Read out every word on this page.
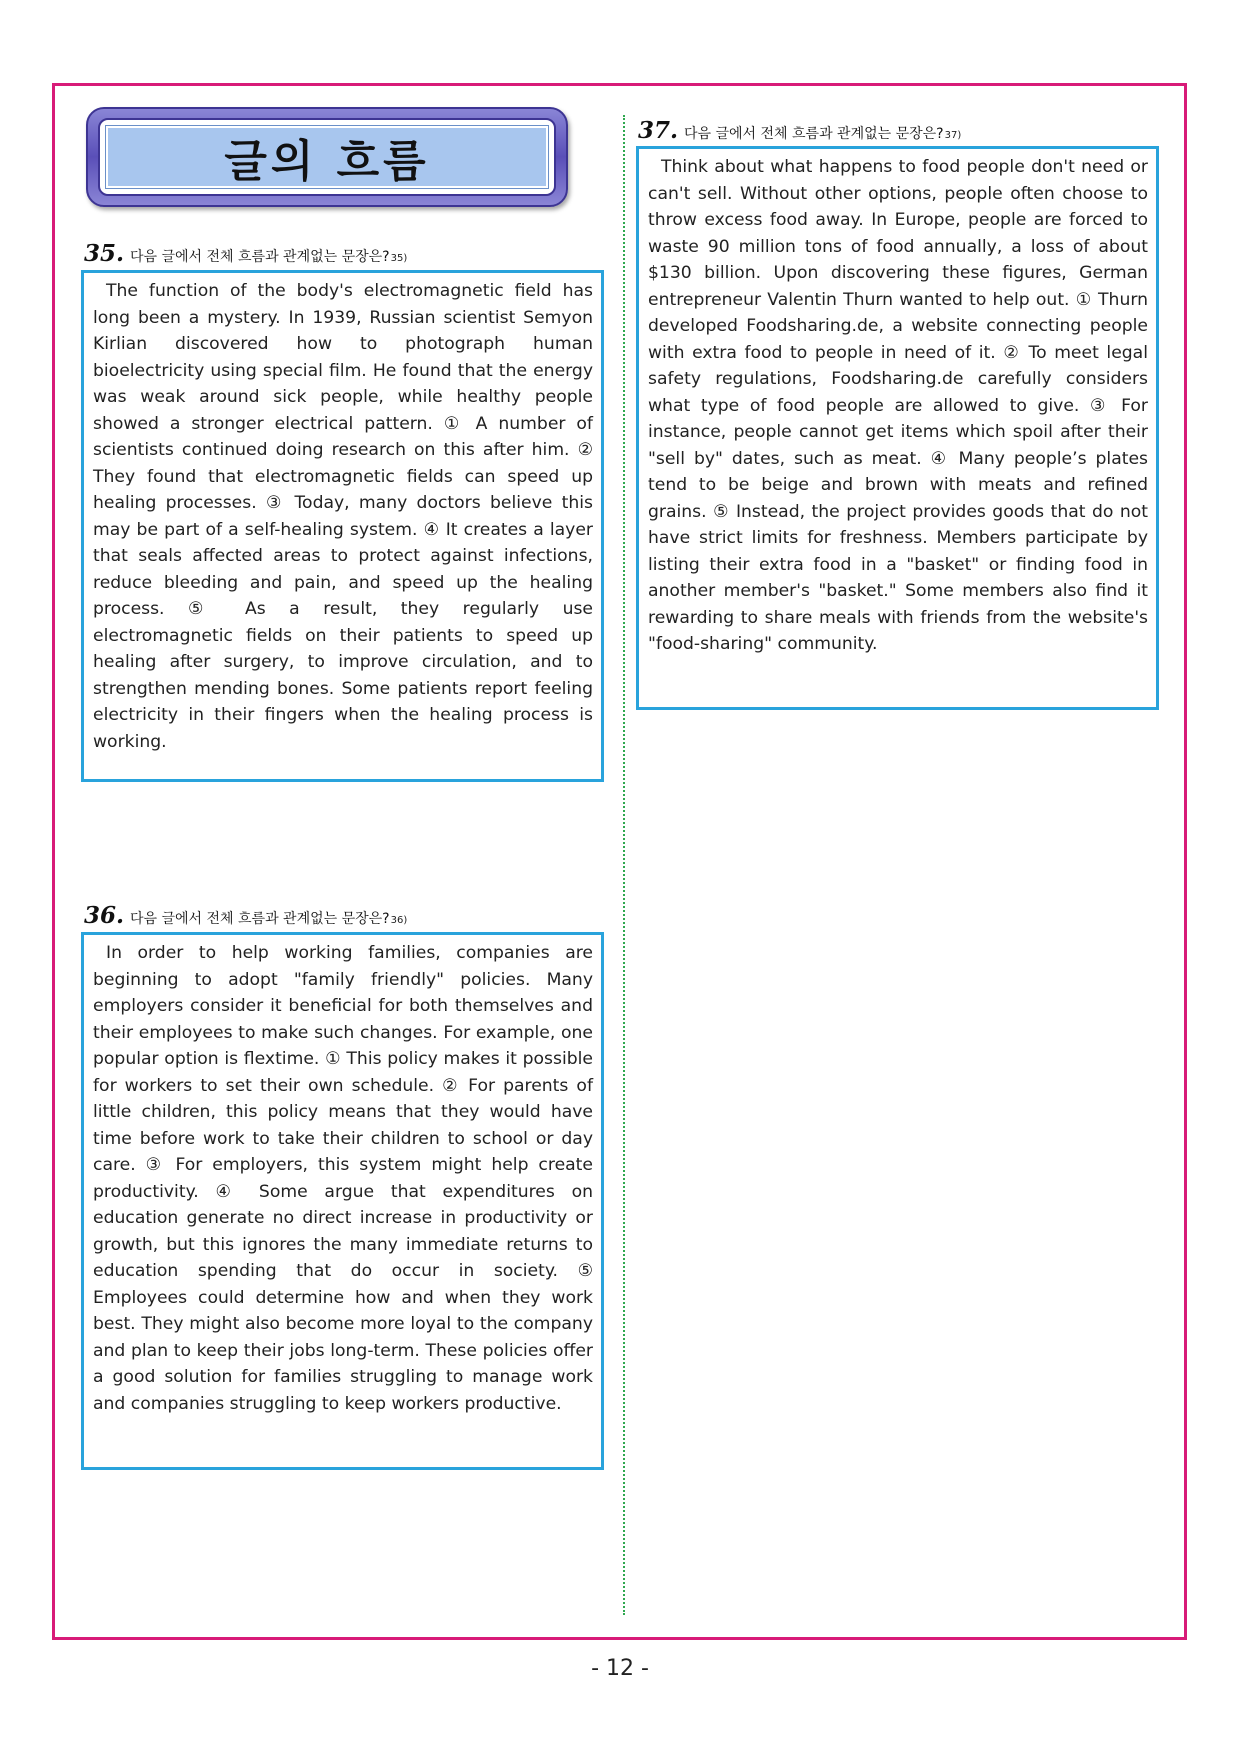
글의 흐름
35. 다음 글에서 전체 흐름과 관계없는 문장은? 35)

The function of the body's electromagnetic field has long been a mystery. In 1939, Russian scientist Semyon Kirlian discovered how to photograph human bioelectricity using special film. He found that the energy was weak around sick people, while healthy people showed a stronger electrical pattern. ① A number of scientists continued doing research on this after him. ② They found that electromagnetic fields can speed up healing processes. ③ Today, many doctors believe this may be part of a self-healing system. ④ It creates a layer that seals affected areas to protect against infections, reduce bleeding and pain, and speed up the healing process. ⑤ As a result, they regularly use electromagnetic fields on their patients to speed up healing after surgery, to improve circulation, and to strengthen mending bones. Some patients report feeling electricity in their fingers when the healing process is working.

36. 다음 글에서 전체 흐름과 관계없는 문장은? 36)

In order to help working families, companies are beginning to adopt "family friendly" policies. Many employers consider it beneficial for both themselves and their employees to make such changes. For example, one popular option is flextime. ① This policy makes it possible for workers to set their own schedule. ② For parents of little children, this policy means that they would have time before work to take their children to school or day care. ③ For employers, this system might help create productivity. ④ Some argue that expenditures on education generate no direct increase in productivity or growth, but this ignores the many immediate returns to education spending that do occur in society. ⑤ Employees could determine how and when they work best. They might also become more loyal to the company and plan to keep their jobs long-term. These policies offer a good solution for families struggling to manage work and companies struggling to keep workers productive.

37. 다음 글에서 전체 흐름과 관계없는 문장은? 37)

Think about what happens to food people don't need or can't sell. Without other options, people often choose to throw excess food away. In Europe, people are forced to waste 90 million tons of food annually, a loss of about $130 billion. Upon discovering these figures, German entrepreneur Valentin Thurn wanted to help out. ① Thurn developed Foodsharing.de, a website connecting people with extra food to people in need of it. ② To meet legal safety regulations, Foodsharing.de carefully considers what type of food people are allowed to give. ③ For instance, people cannot get items which spoil after their "sell by" dates, such as meat. ④ Many people’s plates tend to be beige and brown with meats and refined grains. ⑤ Instead, the project provides goods that do not have strict limits for freshness. Members participate by listing their extra food in a "basket" or finding food in another member's "basket." Some members also find it rewarding to share meals with friends from the website's "food-sharing" community.

- 12 -
